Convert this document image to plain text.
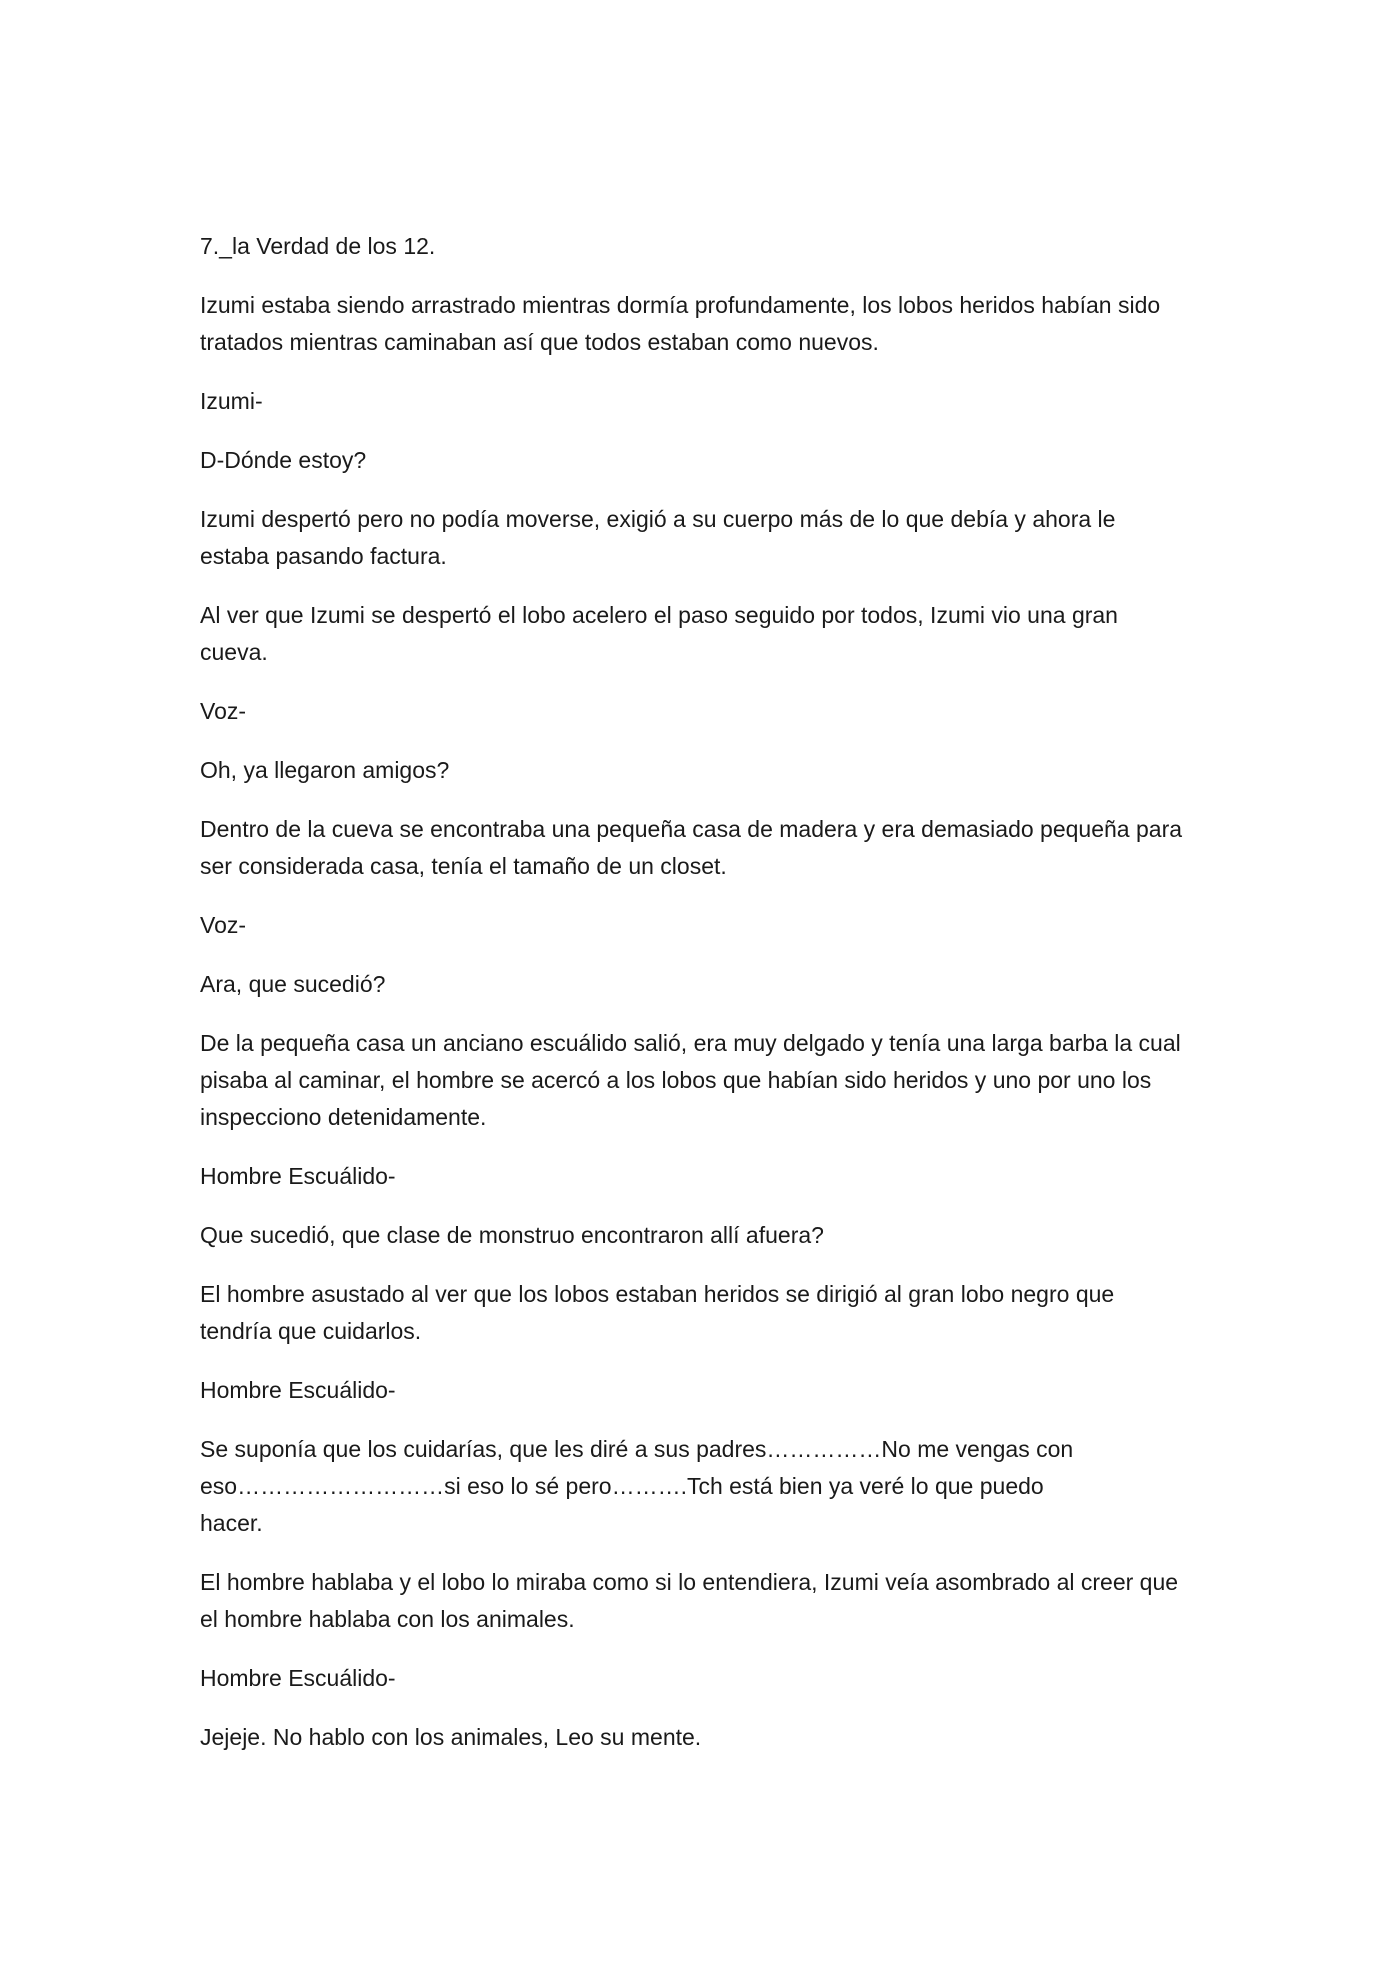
7._la Verdad de los 12.

Izumi estaba siendo arrastrado mientras dormía profundamente, los lobos heridos habían sido tratados mientras caminaban así que todos estaban como nuevos.

Izumi-

D-Dónde estoy?

Izumi despertó pero no podía moverse, exigió a su cuerpo más de lo que debía y ahora le estaba pasando factura.

Al ver que Izumi se despertó el lobo acelero el paso seguido por todos, Izumi vio una gran cueva.

Voz-

Oh, ya llegaron amigos?

Dentro de la cueva se encontraba una pequeña casa de madera y era demasiado pequeña para ser considerada casa, tenía el tamaño de un closet.

Voz-

Ara, que sucedió?

De la pequeña casa un anciano escuálido salió, era muy delgado y tenía una larga barba la cual pisaba al caminar, el hombre se acercó a los lobos que habían sido heridos y uno por uno los inspecciono detenidamente.

Hombre Escuálido-

Que sucedió, que clase de monstruo encontraron allí afuera?

El hombre asustado al ver que los lobos estaban heridos se dirigió al gran lobo negro que tendría que cuidarlos.

Hombre Escuálido-

Se suponía que los cuidarías, que les diré a sus padres……………No me vengas con eso………………………si eso lo sé pero……….Tch está bien ya veré lo que puedo hacer.

El hombre hablaba y el lobo lo miraba como si lo entendiera, Izumi veía asombrado al creer que el hombre hablaba con los animales.

Hombre Escuálido-

Jejeje. No hablo con los animales, Leo su mente.
